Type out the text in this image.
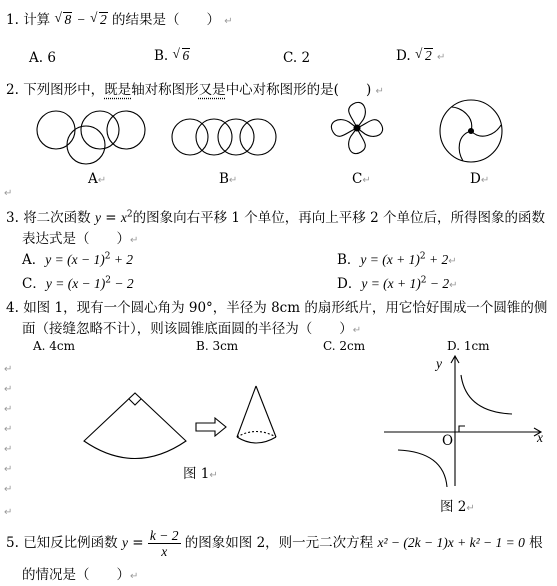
1. 计算 √ 8 − √ 2 的结果是（　　） ↵
A. 6	B. √ 6	C. 2	D. √ 2 ↵
2. 下列图形中，既是轴对称图形又是中心对称图形的是(　　) ↵
A↵	B↵	C↵	D↵
↵
3. 将二次函数 $y = x^2$的图象向右平移 1 个单位，再向上平移 2 个单位后，所得图象的函数
表达式是（　　）↵
A．$y = (x - 1)^2 + 2$	B．$y = (x + 1)^2$ + 2↵
C．$y = (x - 1)^2 - 2$	D．$y = (x + 1)^2$ − 2↵
4. 如图 1，现有一个圆心角为 90°，半径为 8cm 的扇形纸片，用它恰好围成一个圆锥的侧
面（接缝忽略不计），则该圆锥底面圆的半径为（　　）↵
A. 4cm	B. 3cm	C. 2cm	D. 1cm
↵
↵
↵
↵
↵
↵
↵
↵
图 1↵
y
x
O
图 2↵
5. 已知反比例函数 $y = \frac{k - 2}{x}$ 的图象如图 2，则一元二次方程 x² − (2k − 1)x + k² − 1 = 0 根
的情况是（　　）↵
